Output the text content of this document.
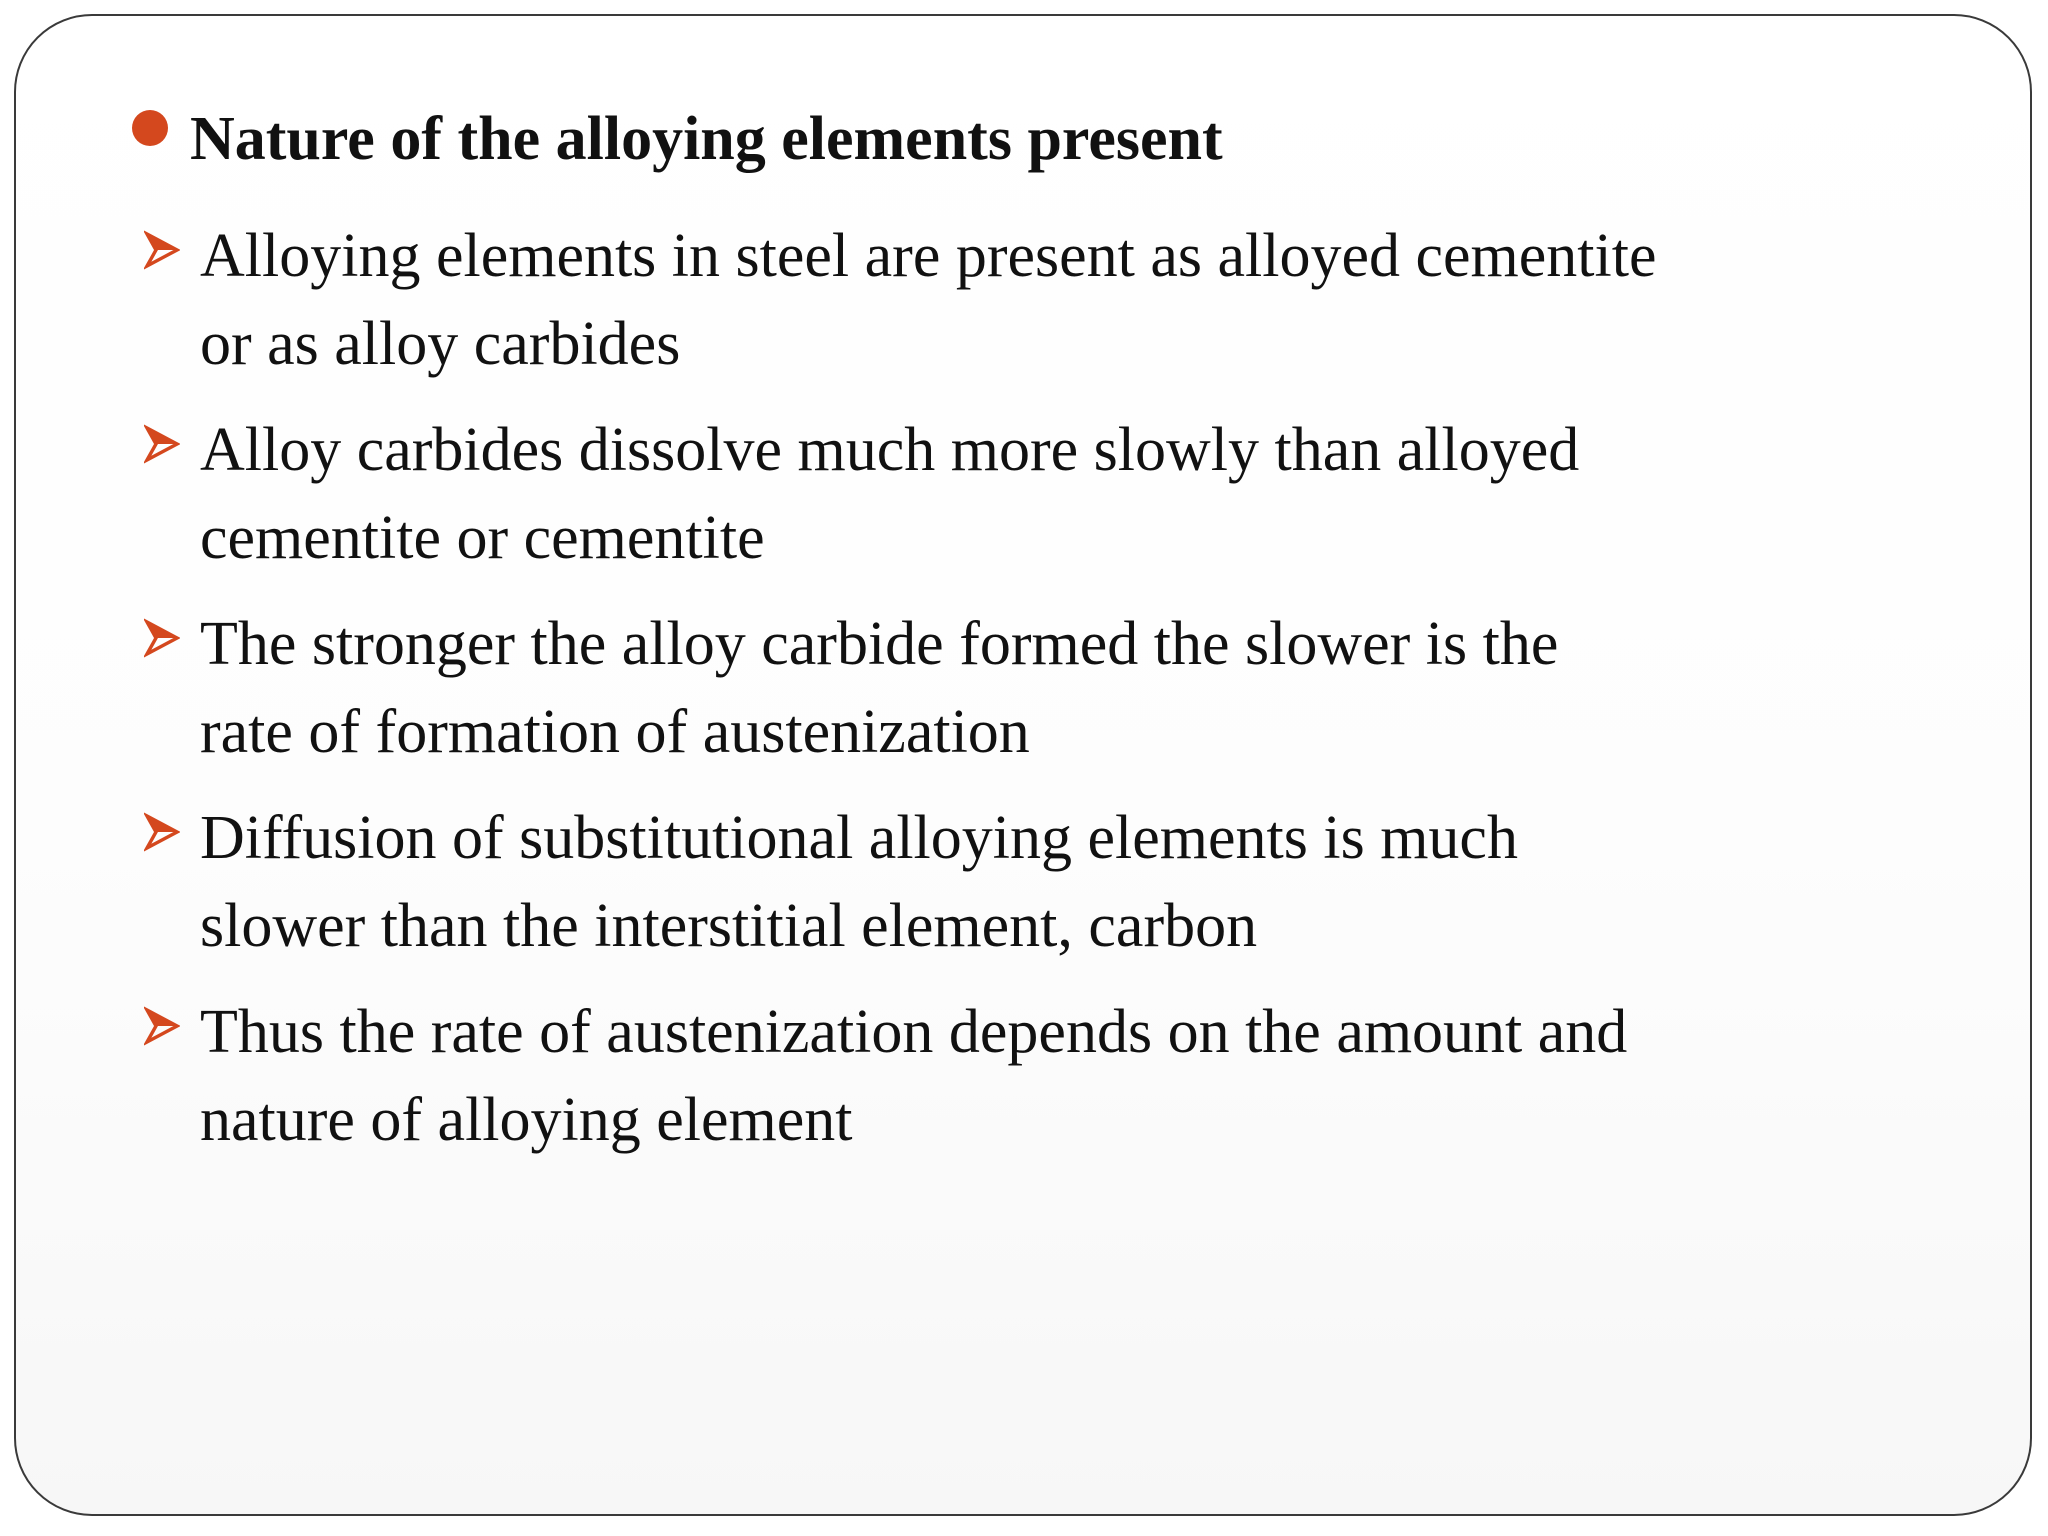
Nature of the alloying elements present
Alloying elements in steel are present as alloyed cementite
or as alloy carbides
Alloy carbides dissolve much more slowly than alloyed
cementite or cementite
The stronger the alloy carbide formed the slower is the
rate of formation of austenization
Diffusion of substitutional alloying elements is much
slower than the interstitial element, carbon
Thus the rate of austenization depends on the amount and
nature of alloying element
